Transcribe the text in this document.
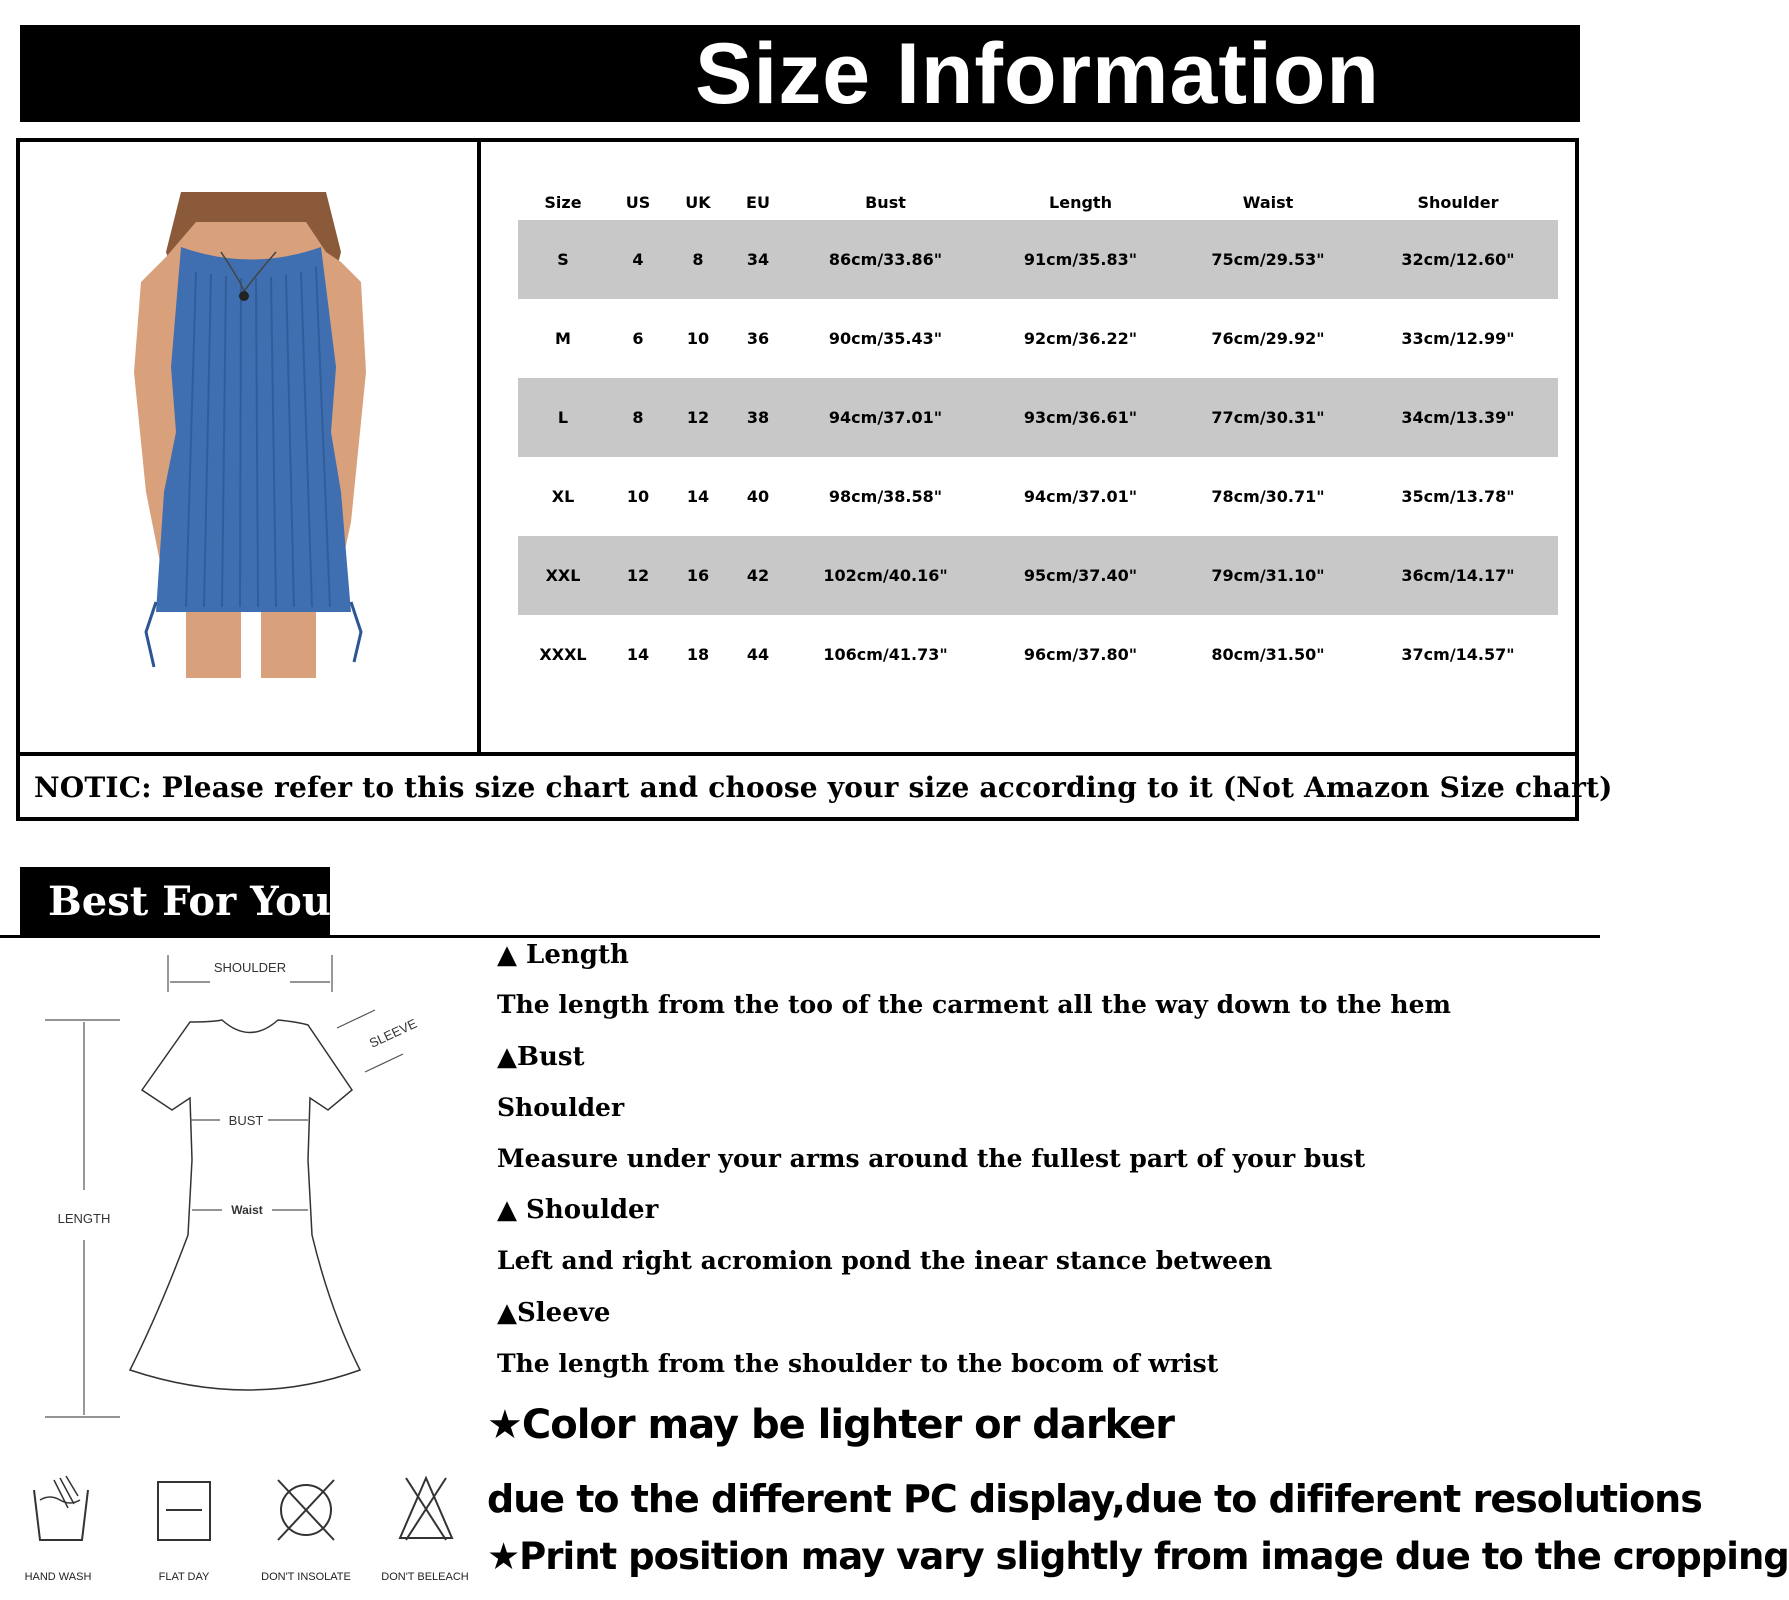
Size Information
Size	US	UK	EU	Bust	Length	Waist	Shoulder
S	4	8	34	86cm/33.86"	91cm/35.83"	75cm/29.53"	32cm/12.60"
M	6	10	36	90cm/35.43"	92cm/36.22"	76cm/29.92"	33cm/12.99"
L	8	12	38	94cm/37.01"	93cm/36.61"	77cm/30.31"	34cm/13.39"
XL	10	14	40	98cm/38.58"	94cm/37.01"	78cm/30.71"	35cm/13.78"
XXL	12	16	42	102cm/40.16"	95cm/37.40"	79cm/31.10"	36cm/14.17"
XXXL	14	18	44	106cm/41.73"	96cm/37.80"	80cm/31.50"	37cm/14.57"
NOTIC: Please refer to this size chart and choose your size according to it (Not Amazon Size chart)
Best For You
SHOULDER
LENGTH
SLEEVE
BUST
Waist
HAND WASH	FLAT DAY	DON'T INSOLATE	DON'T BELEACH
▲ Length
The length from the too of the carment all the way down to the hem
▲Bust
Shoulder
Measure under your arms around the fullest part of your bust
▲ Shoulder
Left and right acromion pond the inear stance between
▲Sleeve
The length from the shoulder to the bocom of wrist
★Color may be lighter or darker
due to the different PC display,due to dififerent resolutions
★Print position may vary slightly from image due to the cropping
